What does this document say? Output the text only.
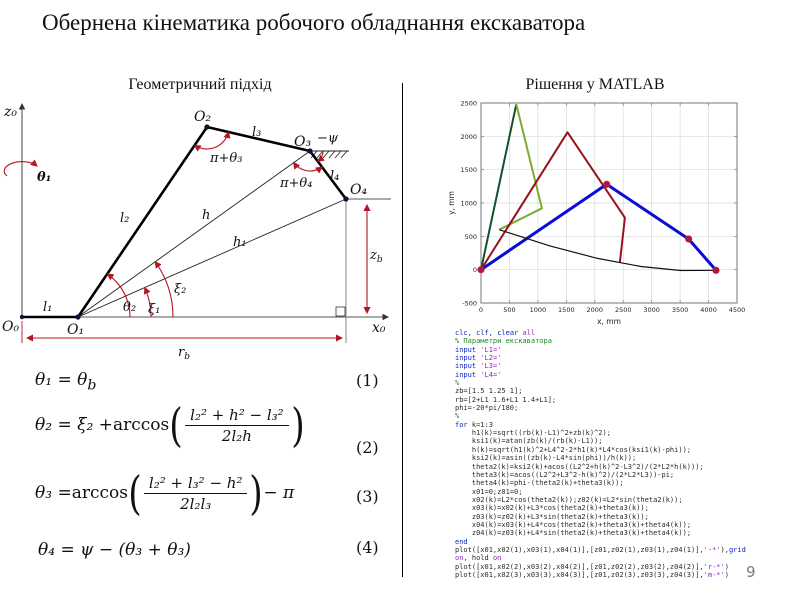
Обернена кінематика робочого обладнання екскаватора
Геометричний підхід	Рішення у MATLAB
z₀
x₀
O₀	O₁
O₂
O₃
O₄
l₁
l₂
l₃
l₄
h
h₁
θ₁
θ₂ ξ₁
ξ₂
π+θ₃
π+θ₄
−ψ
$z_b$
$r_b$
0	500 1000 1500 2000 2500 3000 3500 4000 4500
-500
0
500
1000
1500
2000
2500
x, mm
y, mm
clc, clf, clear all
% Параметри екскаватора
input 'L1='
input 'L2='
input 'L3='
input 'L4='
%
zb=[1.5 1.25 1];
rb=[2+L1 1.6+L1 1.4+L1];
phi=-20*pi/180;
%
for k=1:3
h1(k)=sqrt((rb(k)-L1)^2+zb(k)^2);
ksi1(k)=atan(zb(k)/(rb(k)-L1));
h(k)=sqrt(h1(k)^2+L4^2-2*h1(k)*L4*cos(ksi1(k)-phi));
ksi2(k)=asin((zb(k)-L4*sin(phi))/h(k));
theta2(k)=ksi2(k)+acos((L2^2+h(k)^2-L3^2)/(2*L2*h(k)));
theta3(k)=acos((L2^2+L3^2-h(k)^2)/(2*L2*L3))-pi;
theta4(k)=phi-(theta2(k)+theta3(k));
x01=0;z01=0;
x02(k)=L2*cos(theta2(k));z02(k)=L2*sin(theta2(k));
x03(k)=x02(k)+L3*cos(theta2(k)+theta3(k));
z03(k)=z02(k)+L3*sin(theta2(k)+theta3(k));
x04(k)=x03(k)+L4*cos(theta2(k)+theta3(k)+theta4(k));
z04(k)=z03(k)+L4*sin(theta2(k)+theta3(k)+theta4(k));
end
plot([x01,x02(1),x03(1),x04(1)],[z01,z02(1),z03(1),z04(1)],'-*'),grid
on, hold on
plot([x01,x02(2),x03(2),x04(2)],[z01,z02(2),z03(2),z04(2)],'r-*')
plot([x01,x02(3),x03(3),x04(3)],[z01,z02(3),z03(3),z04(3)],'m-*')
$\theta_1 = \theta_b$	(1)
θ₂ = ξ₂ + arccos ( $\frac{\text{l₂² + h² − l₃²}}{\text{2l₂h}}$ )	(2)
θ₃ = arccos ( $\frac{\text{l₂² + l₃² − h²}}{\text{2l₂l₃}}$ ) − π	(3)
θ₄ = ψ − (θ₃ + θ₃)	(4)
9
